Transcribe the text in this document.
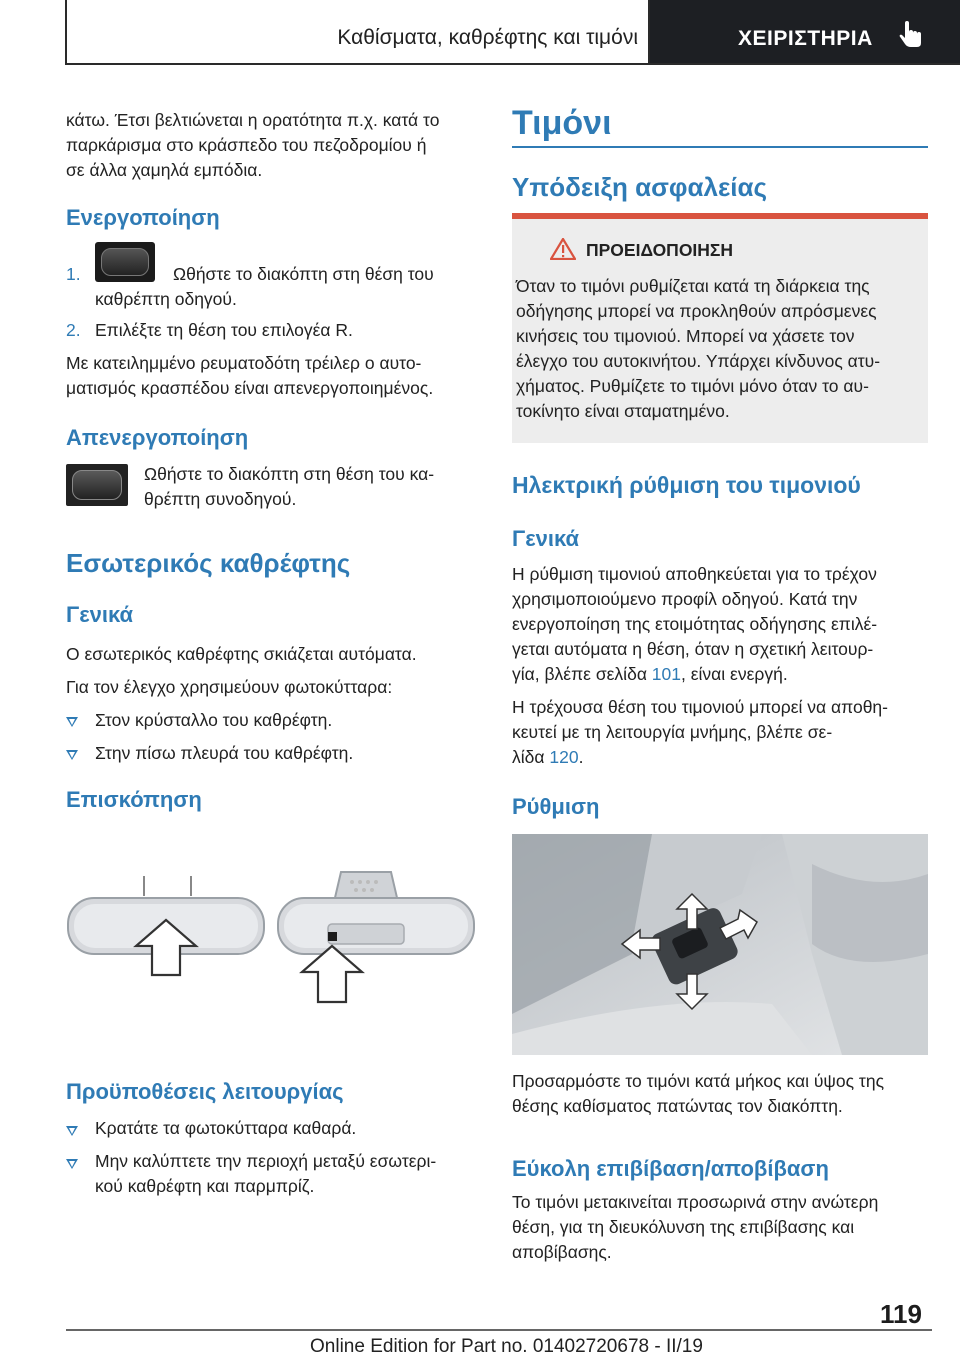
Καθίσματα, καθρέφτης και τιμόνι	ΧΕΙΡΙΣΤΗΡΙΑ
κάτω. Έτσι βελτιώνεται η ορατότητα π.χ. κατά το
παρκάρισμα στο κράσπεδο του πεζοδρομίου ή
σε άλλα χαμηλά εμπόδια.
Ενεργοποίηση
1.	Ωθήστε το διακόπτη στη θέση του
καθρέπτη οδηγού.
2. Επιλέξτε τη θέση του επιλογέα R.
Με κατειλημμένο ρευματοδότη τρέιλερ ο αυτο-
ματισμός κρασπέδου είναι απενεργοποιημένος.
Απενεργοποίηση
Ωθήστε το διακόπτη στη θέση του κα-
θρέπτη συνοδηγού.
Εσωτερικός καθρέφτης
Γενικά
Ο εσωτερικός καθρέφτης σκιάζεται αυτόματα.
Για τον έλεγχο χρησιμεύουν φωτοκύτταρα:
Στον κρύσταλλο του καθρέφτη.
Στην πίσω πλευρά του καθρέφτη.
Επισκόπηση
Προϋποθέσεις λειτουργίας
Κρατάτε τα φωτοκύτταρα καθαρά.
Μην καλύπτετε την περιοχή μεταξύ εσωτερι-
κού καθρέφτη και παρμπρίζ.
Τιμόνι
Υπόδειξη ασφαλείας
ΠΡΟΕΙΔΟΠΟΙΗΣΗ
Όταν το τιμόνι ρυθμίζεται κατά τη διάρκεια της
οδήγησης μπορεί να προκληθούν απρόσμενες
κινήσεις του τιμονιού. Μπορεί να χάσετε τον
έλεγχο του αυτοκινήτου. Υπάρχει κίνδυνος ατυ-
χήματος. Ρυθμίζετε το τιμόνι μόνο όταν το αυ-
τοκίνητο είναι σταματημένο.
Ηλεκτρική ρύθμιση του τιμονιού
Γενικά
Η ρύθμιση τιμονιού αποθηκεύεται για το τρέχον
χρησιμοποιούμενο προφίλ οδηγού. Κατά την
ενεργοποίηση της ετοιμότητας οδήγησης επιλέ-
γεται αυτόματα η θέση, όταν η σχετική λειτουρ-
γία, βλέπε σελίδα 101, είναι ενεργή.
Η τρέχουσα θέση του τιμονιού μπορεί να αποθη-
κευτεί με τη λειτουργία μνήμης, βλέπε σε-
λίδα 120.
Ρύθμιση
Προσαρμόστε το τιμόνι κατά μήκος και ύψος της
θέσης καθίσματος πατώντας τον διακόπτη.
Εύκολη επιβίβαση/αποβίβαση
Το τιμόνι μετακινείται προσωρινά στην ανώτερη
θέση, για τη διευκόλυνση της επιβίβασης και
αποβίβασης.
119
Online Edition for Part no. 01402720678 - II/19
